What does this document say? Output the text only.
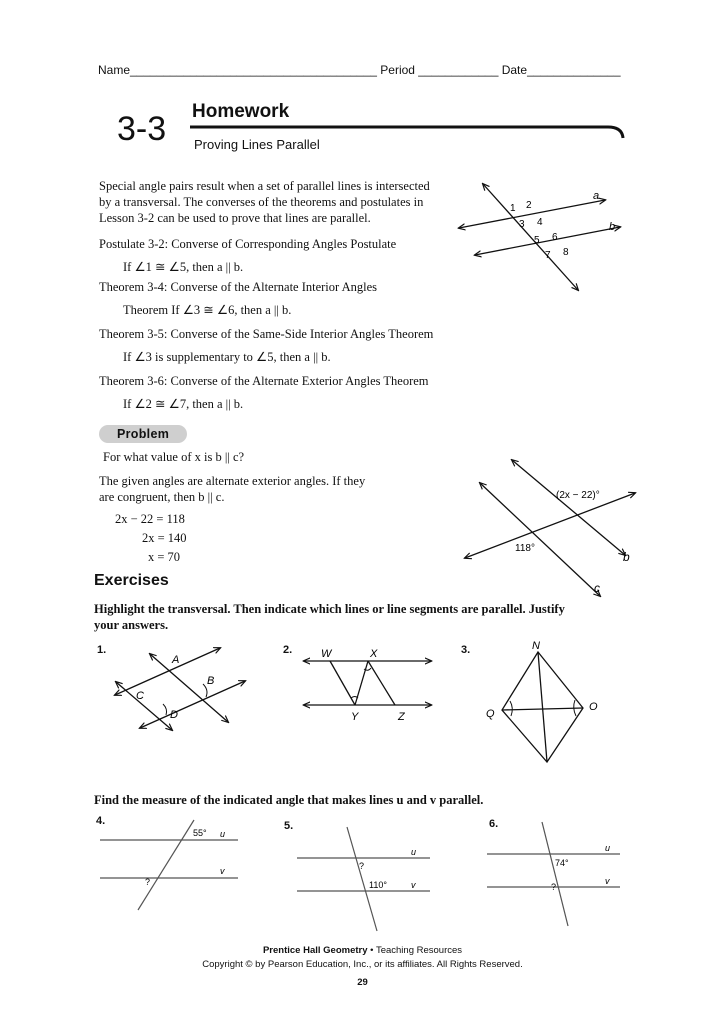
Name_____________________________________ Period ____________ Date______________
3-3 Homework
Proving Lines Parallel
Special angle pairs result when a set of parallel lines is intersected
by a transversal. The converses of the theorems and postulates in
Lesson 3-2 can be used to prove that lines are parallel.
a
b
1 2
3 4
5 6
7 8
Postulate 3-2: Converse of Corresponding Angles Postulate
If ∠1 ≅ ∠5, then a || b.
Theorem 3-4: Converse of the Alternate Interior Angles
Theorem If ∠3 ≅ ∠6, then a || b.
Theorem 3-5: Converse of the Same-Side Interior Angles Theorem
If ∠3 is supplementary to ∠5, then a || b.
Theorem 3-6: Converse of the Alternate Exterior Angles Theorem
If ∠2 ≅ ∠7, then a || b.
Problem
For what value of x is b || c?
The given angles are alternate exterior angles. If they
are congruent, then b || c.
2x − 22 = 118
2x = 140
x = 70
(2x − 22)°
118°
b
c
Exercises
Highlight the transversal. Then indicate which lines or line segments are parallel. Justify
your answers.
1.	2.	3.
A
B
C
D
W	X
Y	Z
N
O
Q
Find the measure of the indicated angle that makes lines u and v parallel.
4.	5.	6.
55°
?
u
v	?
110°
u
v
74°
?
u
v
Prentice Hall Geometry • Teaching Resources
Copyright © by Pearson Education, Inc., or its affiliates. All Rights Reserved.
29
